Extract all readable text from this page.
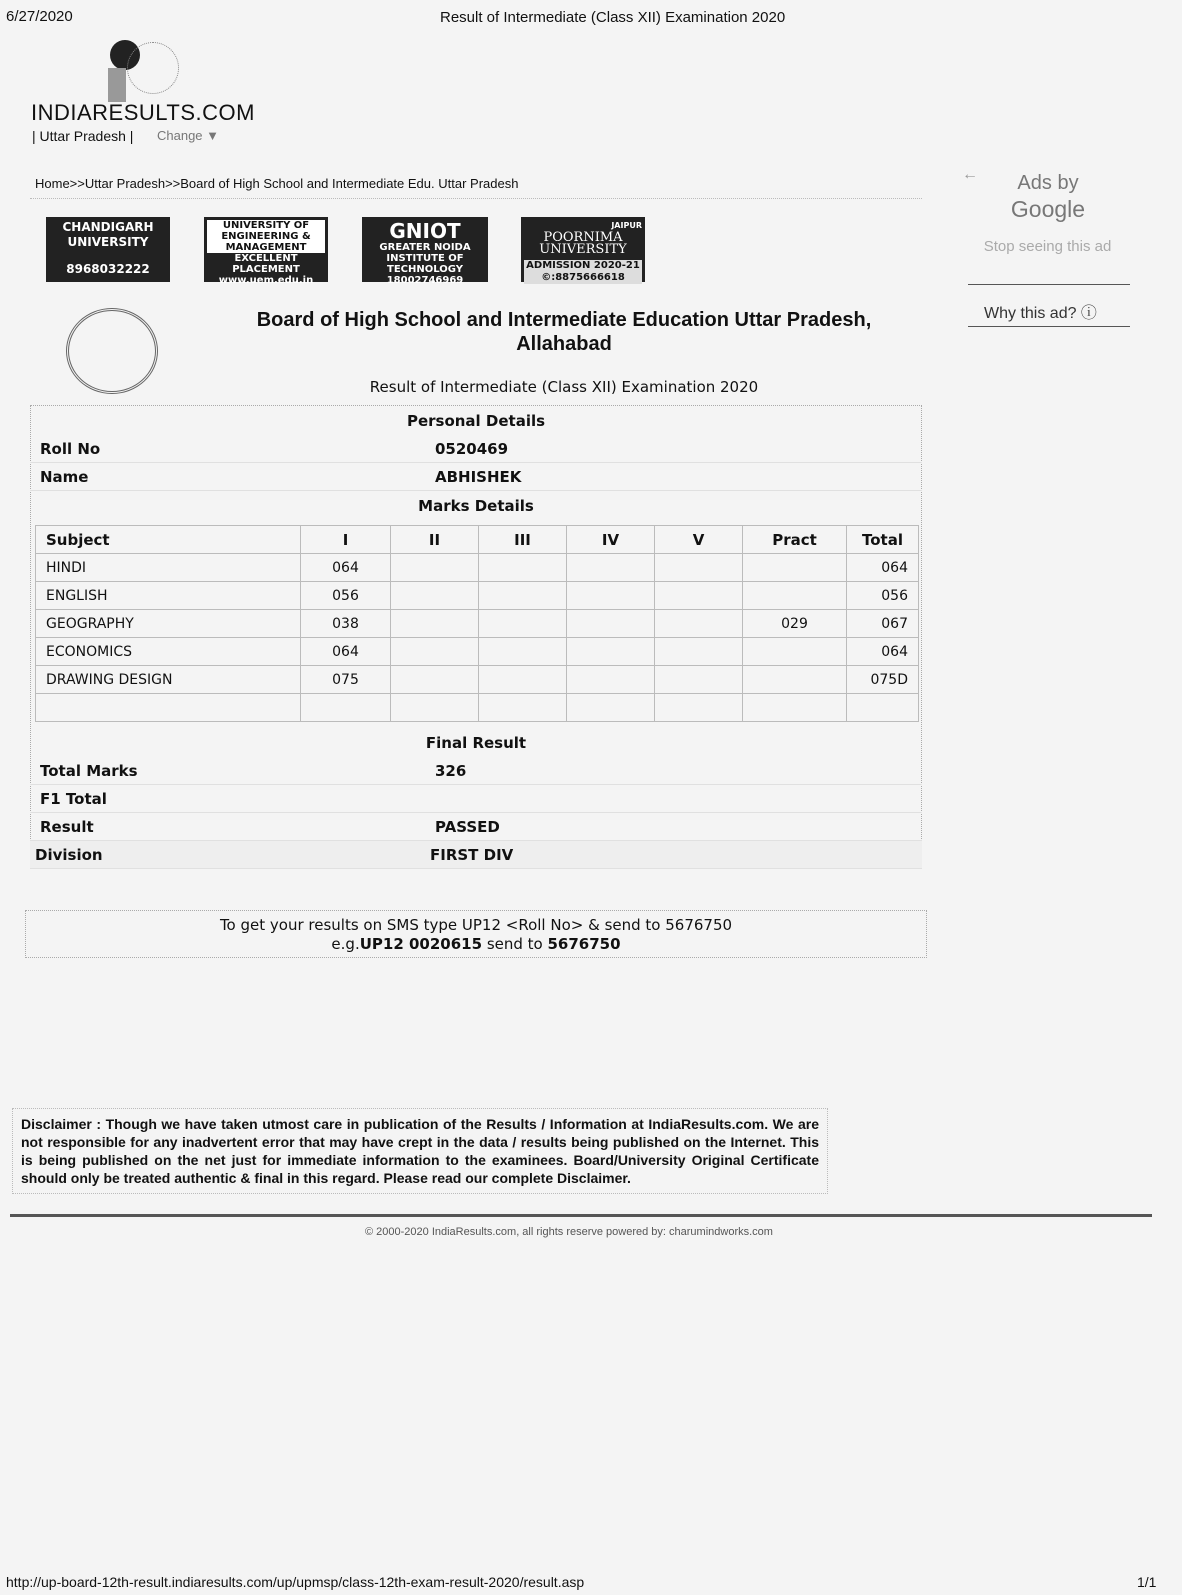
6/27/2020	Result of Intermediate (Class XII) Examination 2020
INDIARESULTS.COM
| Uttar Pradesh | Change ▼
Home>>Uttar Pradesh>>Board of High School and Intermediate Edu. Uttar Pradesh
CHANDIGARH UNIVERSITY
8968032222
UNIVERSITY OF ENGINEERING & MANAGEMENT
EXCELLENT PLACEMENT
www.uem.edu.in
GNIOT
GREATER NOIDA INSTITUTE OF TECHNOLOGY
18002746969
JAIPUR
POORNIMA UNIVERSITY
ADMISSION 2020-21 ©:8875666618
←	Ads by
Google
Stop seeing this ad
Why this ad? ⓘ
Board of High School and Intermediate Education Uttar Pradesh, Allahabad
Result of Intermediate (Class XII) Examination 2020
Personal Details
Roll No	0520469
Name	ABHISHEK
Marks Details
Subject	I	II	III	IV	V	Pract	Total
HINDI	064						064
ENGLISH	056						056
GEOGRAPHY	038					029	067
ECONOMICS	064						064
DRAWING DESIGN	075						075D

Final Result
Total Marks	326
F1 Total
Result	PASSED
Division	FIRST DIV
To get your results on SMS type UP12 <Roll No> & send to 5676750
e.g.UP12 0020615 send to 5676750
Disclaimer : Though we have taken utmost care in publication of the Results / Information at IndiaResults.com. We are not responsible for any inadvertent error that may have crept in the data / results being published on the Internet. This is being published on the net just for immediate information to the examinees. Board/University Original Certificate should only be treated authentic & final in this regard. Please read our complete Disclaimer.
© 2000-2020 IndiaResults.com, all rights reserve powered by: charumindworks.com
http://up-board-12th-result.indiaresults.com/up/upmsp/class-12th-exam-result-2020/result.asp	1/1
